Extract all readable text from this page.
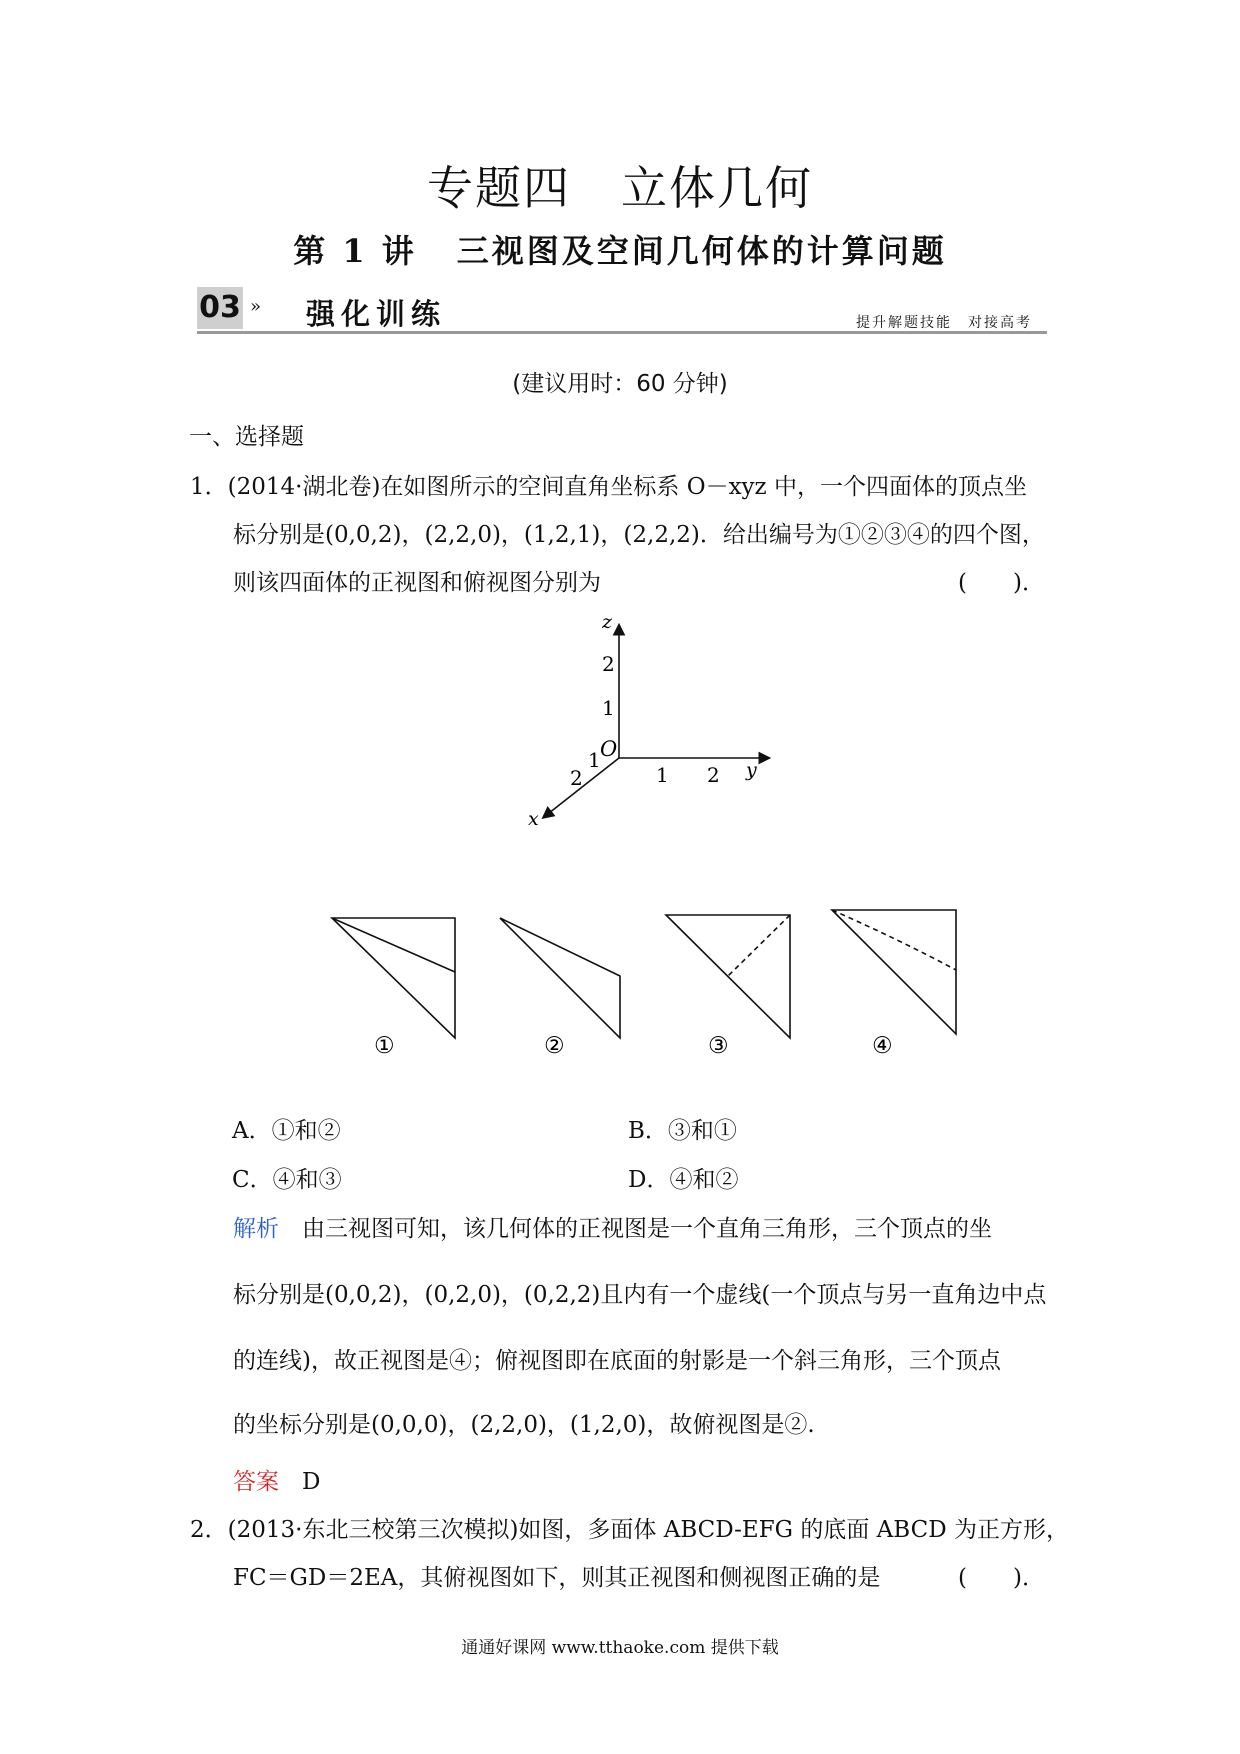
专题四 立体几何
第 1 讲 三视图及空间几何体的计算问题
03 » 强化训练	提升解题技能　对接高考
(建议用时：60 分钟)
一、选择题
1．(2014·湖北卷)在如图所示的空间直角坐标系 O－xyz 中，一个四面体的顶点坐
标分别是(0,0,2)，(2,2,0)，(1,2,1)，(2,2,2)．给出编号为①②③④的四个图，
则该四面体的正视图和俯视图分别为	(　　)．
z
y
x
O
2
1
1 2
1
2
①	②	③	④
A．①和②	B．③和①
C．④和③	D．④和②
解析　 由三视图可知，该几何体的正视图是一个直角三角形，三个顶点的坐
标分别是(0,0,2)，(0,2,0)，(0,2,2)且内有一个虚线(一个顶点与另一直角边中点
的连线)，故正视图是④；俯视图即在底面的射影是一个斜三角形，三个顶点
的坐标分别是(0,0,0)，(2,2,0)，(1,2,0)，故俯视图是②.
答案　 D
2．(2013·东北三校第三次模拟)如图，多面体 ABCD-EFG 的底面 ABCD 为正方形，
FC＝GD＝2EA，其俯视图如下，则其正视图和侧视图正确的是	(　　)．
通通好课网 www.tthaoke.com 提供下载
